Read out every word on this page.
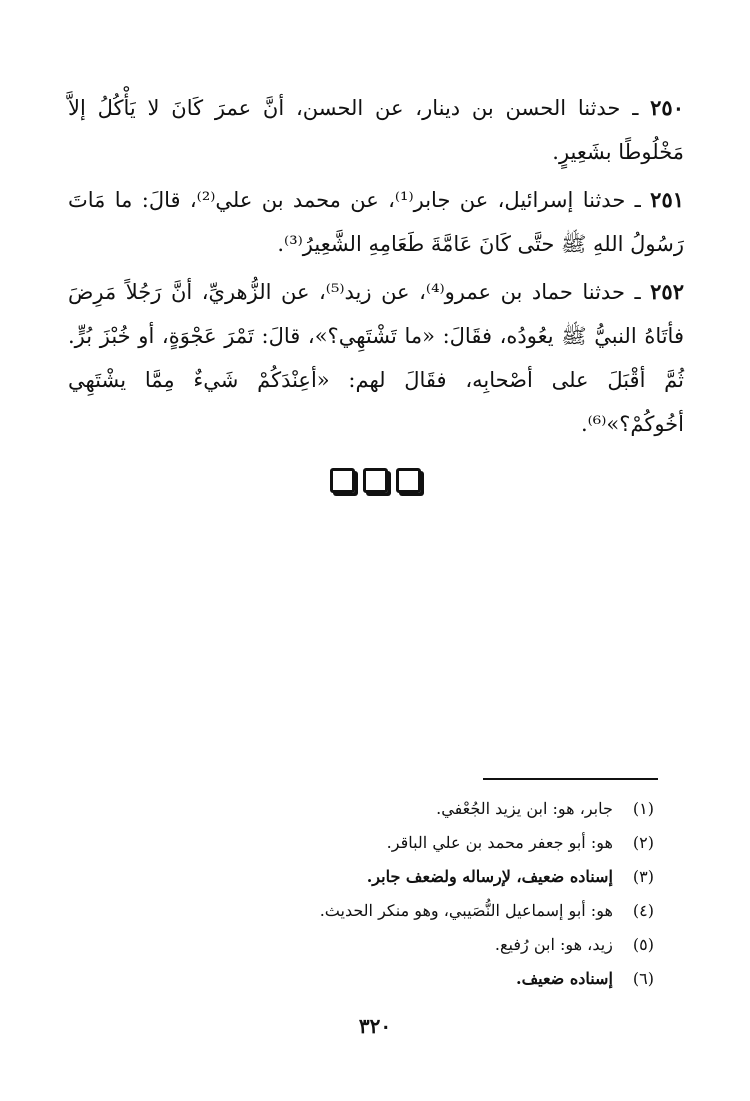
٢٥٠ ـ حدثنا الحسن بن دينار، عن الحسن، أنَّ عمرَ كَانَ لا يَأْكُلُ إلاَّ مَخْلُوطًا بشَعِيرٍ.

٢٥١ ـ حدثنا إسرائيل، عن جابر⁽¹⁾، عن محمد بن علي⁽²⁾، قالَ: ما مَاتَ رَسُولُ اللهِ ﷺ حتَّى كَانَ عَامَّةَ طَعَامِهِ الشَّعِيرُ⁽³⁾.

٢٥٢ ـ حدثنا حماد بن عمرو⁽⁴⁾، عن زيد⁽⁵⁾، عن الزُّهريِّ، أنَّ رَجُلاً مَرِضَ فأتَاهُ النبيُّ ﷺ يعُودُه، فقَالَ: «ما تَشْتَهِي؟»، قالَ: تَمْرَ عَجْوَةٍ، أو خُبْزَ بُرٍّ. ثُمَّ أقْبَلَ على أصْحابِه، فقَالَ لهم: «أعِنْدَكُمْ شَيءٌ مِمَّا يشْتَهِي أخُوكُمْ؟»⁽⁶⁾.

(١) جابر، هو: ابن يزيد الجُعْفي.
(٢) هو: أبو جعفر محمد بن علي الباقر.
(٣) إسناده ضعيف، لإرساله ولضعف جابر.
(٤) هو: أبو إسماعيل النُّصَيبي، وهو منكر الحديث.
(٥) زيد، هو: ابن رُفيع.
(٦) إسناده ضعيف.
٣٢٠
